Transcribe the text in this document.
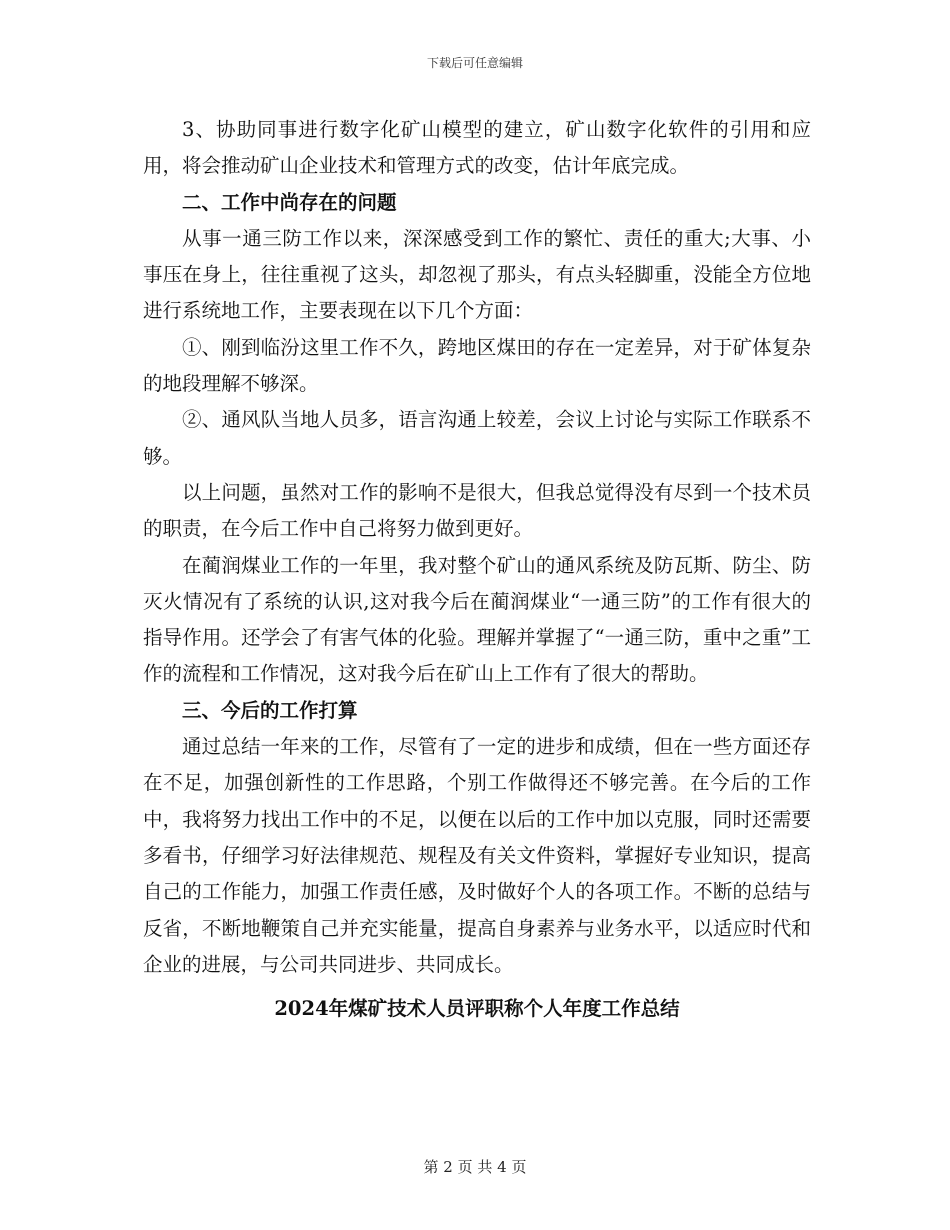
下载后可任意编辑

3、协助同事进行数字化矿山模型的建立，矿山数字化软件的引用和应用，将会推动矿山企业技术和管理方式的改变，估计年底完成。

二、工作中尚存在的问题

从事一通三防工作以来，深深感受到工作的繁忙、责任的重大;大事、小事压在身上，往往重视了这头，却忽视了那头，有点头轻脚重，没能全方位地进行系统地工作，主要表现在以下几个方面：

①、刚到临汾这里工作不久，跨地区煤田的存在一定差异，对于矿体复杂的地段理解不够深。

②、通风队当地人员多，语言沟通上较差，会议上讨论与实际工作联系不够。

以上问题，虽然对工作的影响不是很大，但我总觉得没有尽到一个技术员的职责，在今后工作中自己将努力做到更好。

在蔺润煤业工作的一年里，我对整个矿山的通风系统及防瓦斯、防尘、防灭火情况有了系统的认识,这对我今后在蔺润煤业“一通三防”的工作有很大的指导作用。还学会了有害气体的化验。理解并掌握了“一通三防，重中之重”工作的流程和工作情况，这对我今后在矿山上工作有了很大的帮助。

三、今后的工作打算

通过总结一年来的工作，尽管有了一定的进步和成绩，但在一些方面还存在不足，加强创新性的工作思路，个别工作做得还不够完善。在今后的工作中，我将努力找出工作中的不足，以便在以后的工作中加以克服，同时还需要多看书，仔细学习好法律规范、规程及有关文件资料，掌握好专业知识，提高自己的工作能力，加强工作责任感，及时做好个人的各项工作。不断的总结与反省，不断地鞭策自己并充实能量，提高自身素养与业务水平，以适应时代和企业的进展，与公司共同进步、共同成长。

2024年煤矿技术人员评职称个人年度工作总结

第 2 页 共 4 页
